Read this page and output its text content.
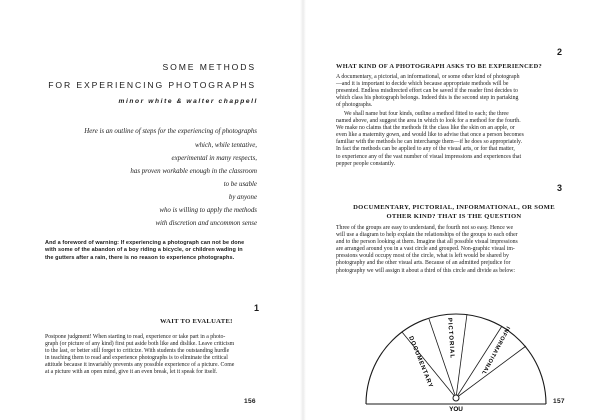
SOME METHODS

FOR EXPERIENCING PHOTOGRAPHS

minor white & walter chappell

Here is an outline of steps for the experiencing of photographs

which, while tentative,

experimental in many respects,

has proven workable enough in the classroom

to be usable

by anyone

who is willing to apply the methods

with discretion and uncommon sense

And a foreword of warning: If experiencing a photograph can not be done
with some of the abandon of a boy riding a bicycle, or children wading in
the gutters after a rain, there is no reason to experience photographs.

1

WAIT TO EVALUATE!

Postpone judgment! When starting to read, experience or take part in a photo-
graph (or picture of any kind) first put aside both like and dislike. Leave criticism
to the last, or better still forget to criticize. With students the outstanding hurdle
in teaching them to read and experience photographs is to eliminate the critical
attitude because it invariably prevents any possible experience of a picture. Come
at a picture with an open mind, give it an even break, let it speak for itself.

156

2

WHAT KIND OF A PHOTOGRAPH ASKS TO BE EXPERIENCED?

A documentary, a pictorial, an informational, or some other kind of photograph
—and it is important to decide which because appropriate methods will be
presented. Endless misdirected effort can be saved if the reader first decides to
which class his photograph belongs. Indeed this is the second step in partaking
of photographs.
We shall name but four kinds, outline a method fitted to each; the three
named above, and suggest the area in which to look for a method for the fourth.
We make no claims that the methods fit the class like the skin on an apple, or
even like a maternity gown, and would like to advise that once a person becomes
familiar with the methods he can interchange them—if he does so appropriately.
In fact the methods can be applied to any of the visual arts, or for that matter,
to experience any of the vast number of visual impressions and experiences that
pepper people constantly.

3

DOCUMENTARY, PICTORIAL, INFORMATIONAL, OR SOME
OTHER KIND? THAT IS THE QUESTION
Three of the groups are easy to understand, the fourth not so easy. Hence we
will use a diagram to help explain the relationships of the groups to each other
and to the person looking at them. Imagine that all possible visual impressions
are arranged around you in a vast circle and grouped. Non-graphic visual im-
pressions would occupy most of the circle, what is left would be shared by
photography and the other visual arts. Because of an admitted prejudice for
photography we will assign it about a third of this circle and divide as below:
DOCUMENTARY PICTORIAL	INFORMATIONAL
YOU

157
